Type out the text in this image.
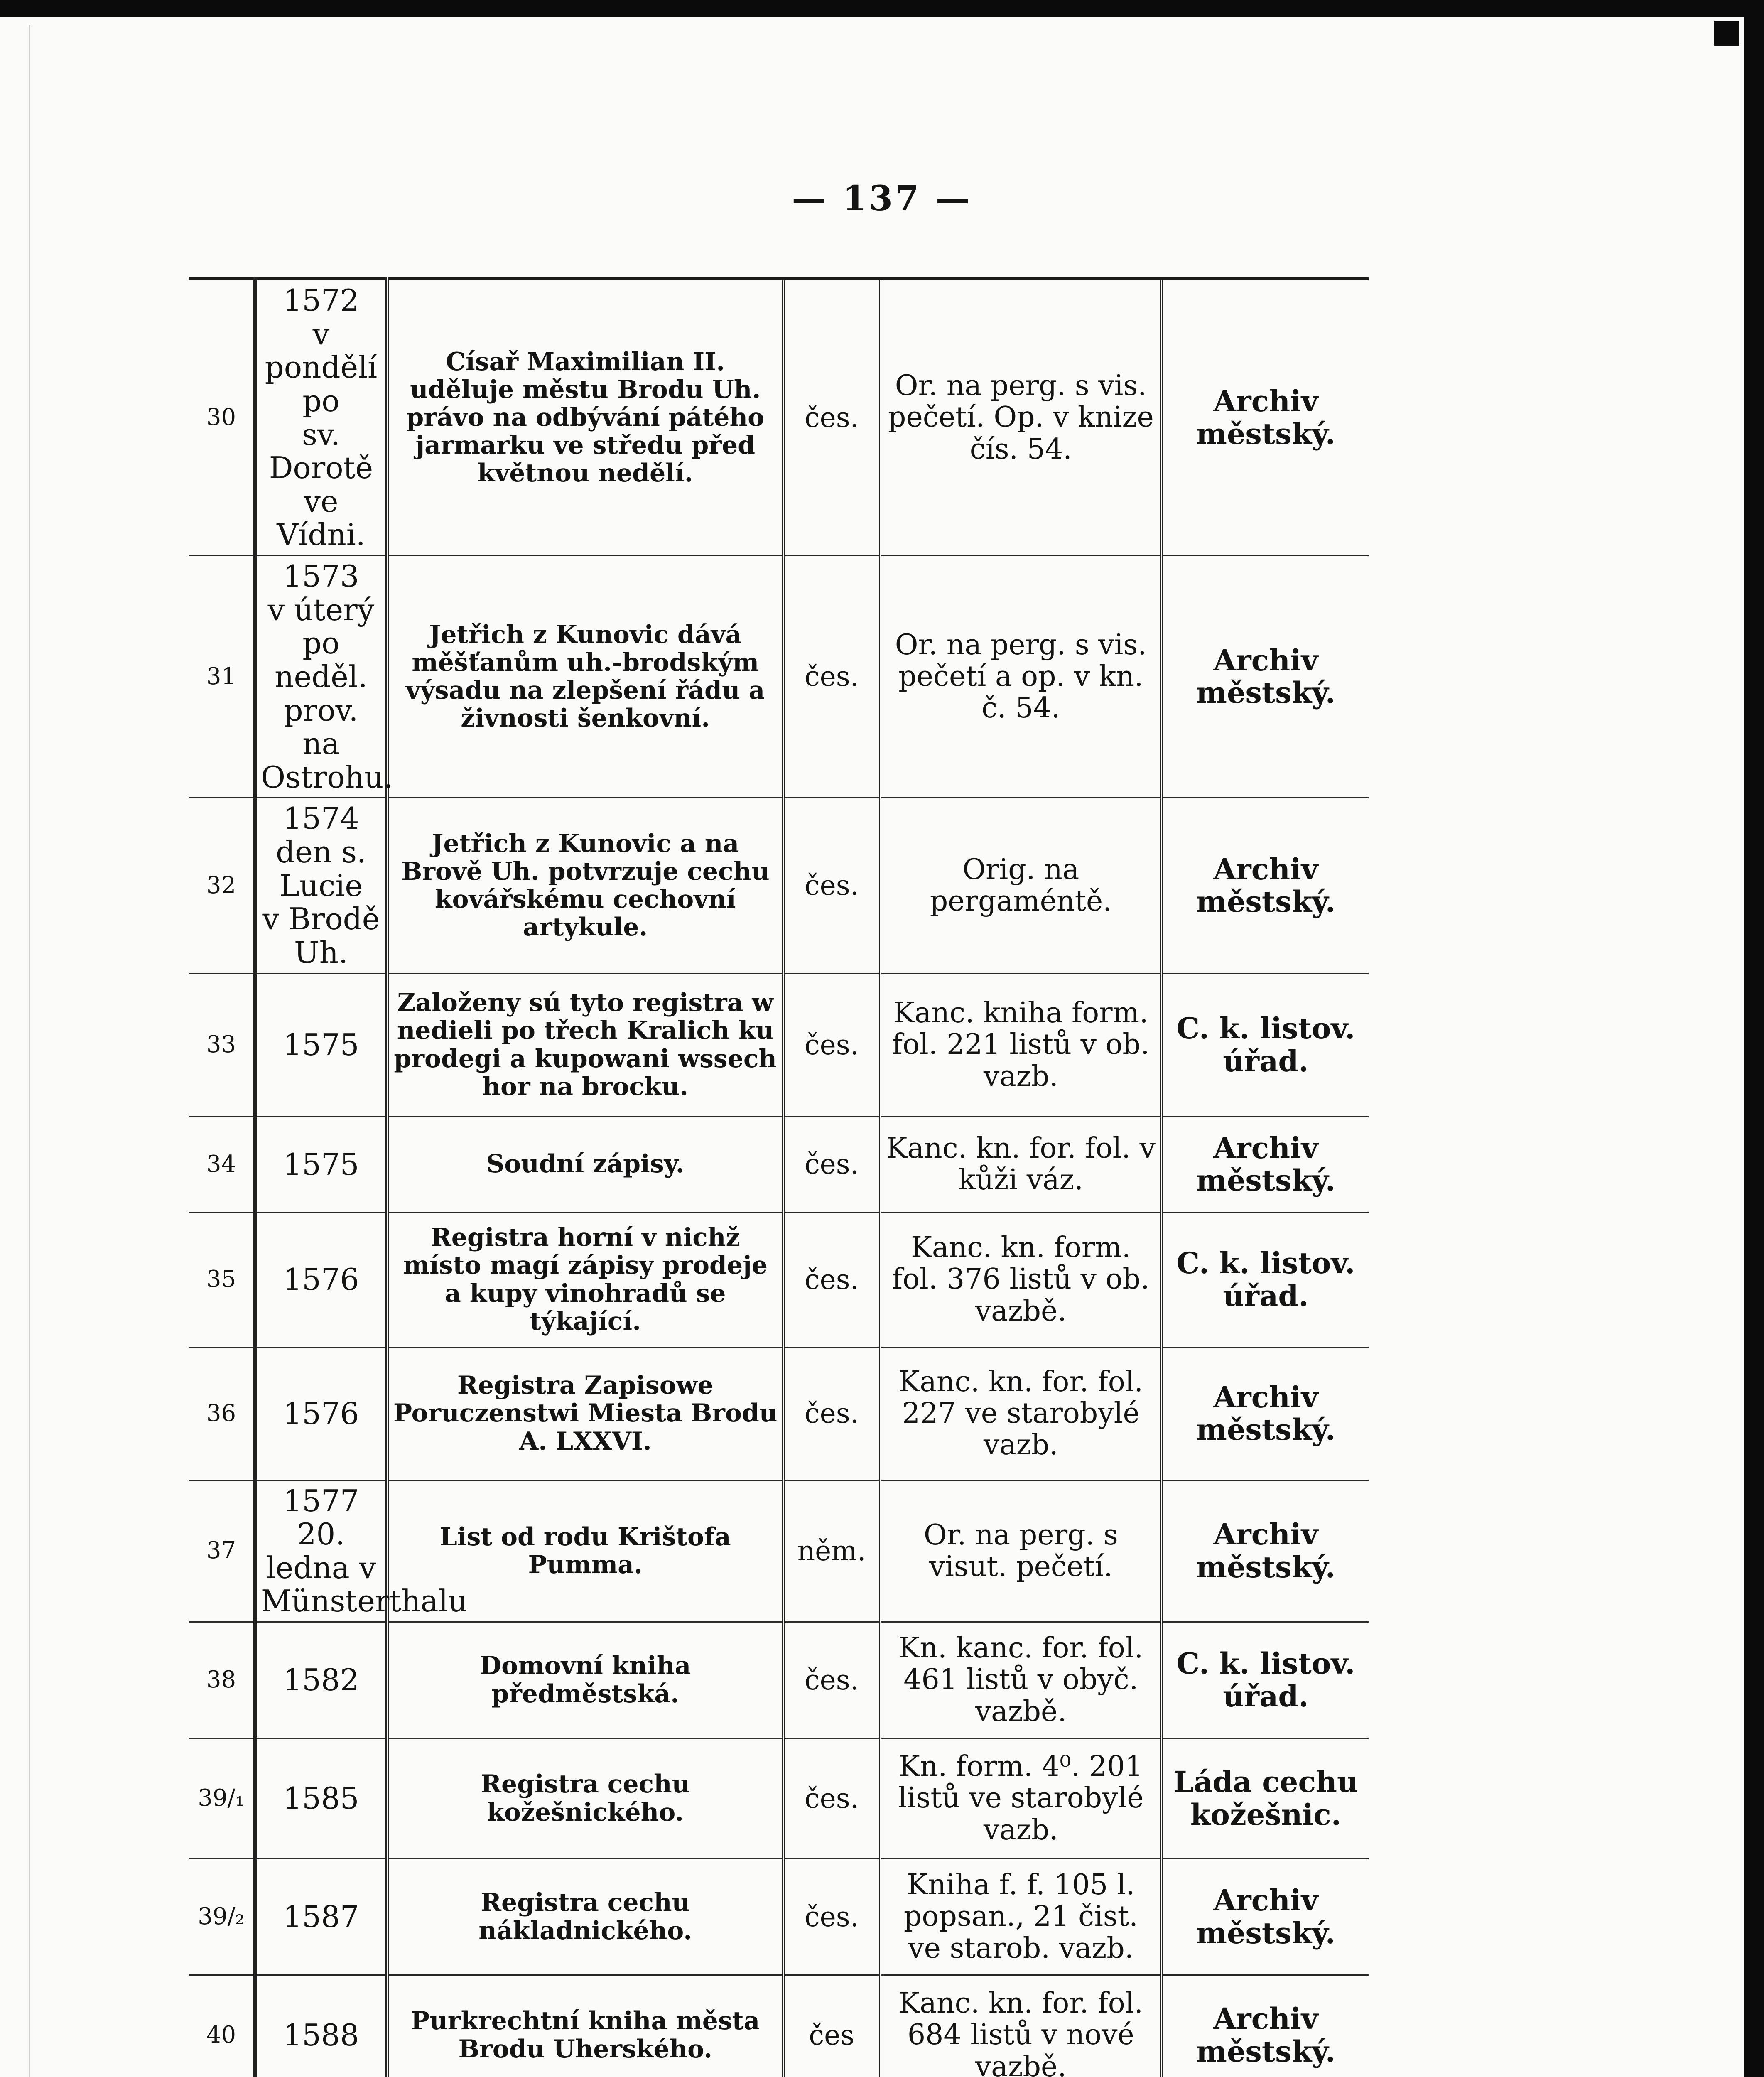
— 137 —
30	1572
v pondělí po
sv. Dorotě
ve Vídni.	Císař Maximilian II. uděluje městu Brodu Uh. právo na odbývání pátého jarmarku ve středu před květnou nedělí.	čes.	Or. na perg. s vis. pečetí. Op. v knize čís. 54.	Archiv městský.
31	1573
v úterý po
neděl. prov.
na Ostrohu.	Jetřich z Kunovic dává měšťanům uh.-brodským výsadu na zlepšení řádu a živnosti šenkovní.	čes.	Or. na perg. s vis. pečetí a op. v kn. č. 54.	Archiv městský.
32	1574
den s. Lucie
v Brodě Uh.	Jetřich z Kunovic a na Brově Uh. potvrzuje cechu kovářskému cechovní artykule.	čes.	Orig. na pergaméntě.	Archiv městský.
33	1575	Založeny sú tyto registra w nedieli po třech Kralich ku prodegi a kupowani wssech hor na brocku.	čes.	Kanc. kniha form. fol. 221 listů v ob. vazb.	C. k. listov. úřad.
34	1575	Soudní zápisy.	čes.	Kanc. kn. for. fol. v kůži váz.	Archiv městský.
35	1576	Registra horní v nichž místo magí zápisy prodeje a kupy vinohradů se týkající.	čes.	Kanc. kn. form. fol. 376 listů v ob. vazbě.	C. k. listov. úřad.
36	1576	Registra Zapisowe Poruczenstwi Miesta Brodu A. LXXVI.	čes.	Kanc. kn. for. fol. 227 ve starobylé vazb.	Archiv městský.
37	1577
20. ledna v
Münsterthalu	List od rodu Krištofa Pumma.	něm.	Or. na perg. s visut. pečetí.	Archiv městský.
38	1582	Domovní kniha předměstská.	čes.	Kn. kanc. for. fol. 461 listů v obyč. vazbě.	C. k. listov. úřad.
39/₁	1585	Registra cechu kožešnického.	čes.	Kn. form. 4⁰. 201 listů ve starobylé vazb.	Láda cechu kožešnic.
39/₂	1587	Registra cechu nákladnického.	čes.	Kniha f. f. 105 l. popsan., 21 čist. ve starob. vazb.	Archiv městský.
40	1588	Purkrechtní kniha města Brodu Uherského.	čes	Kanc. kn. for. fol. 684 listů v nové vazbě.	Archiv městský.
